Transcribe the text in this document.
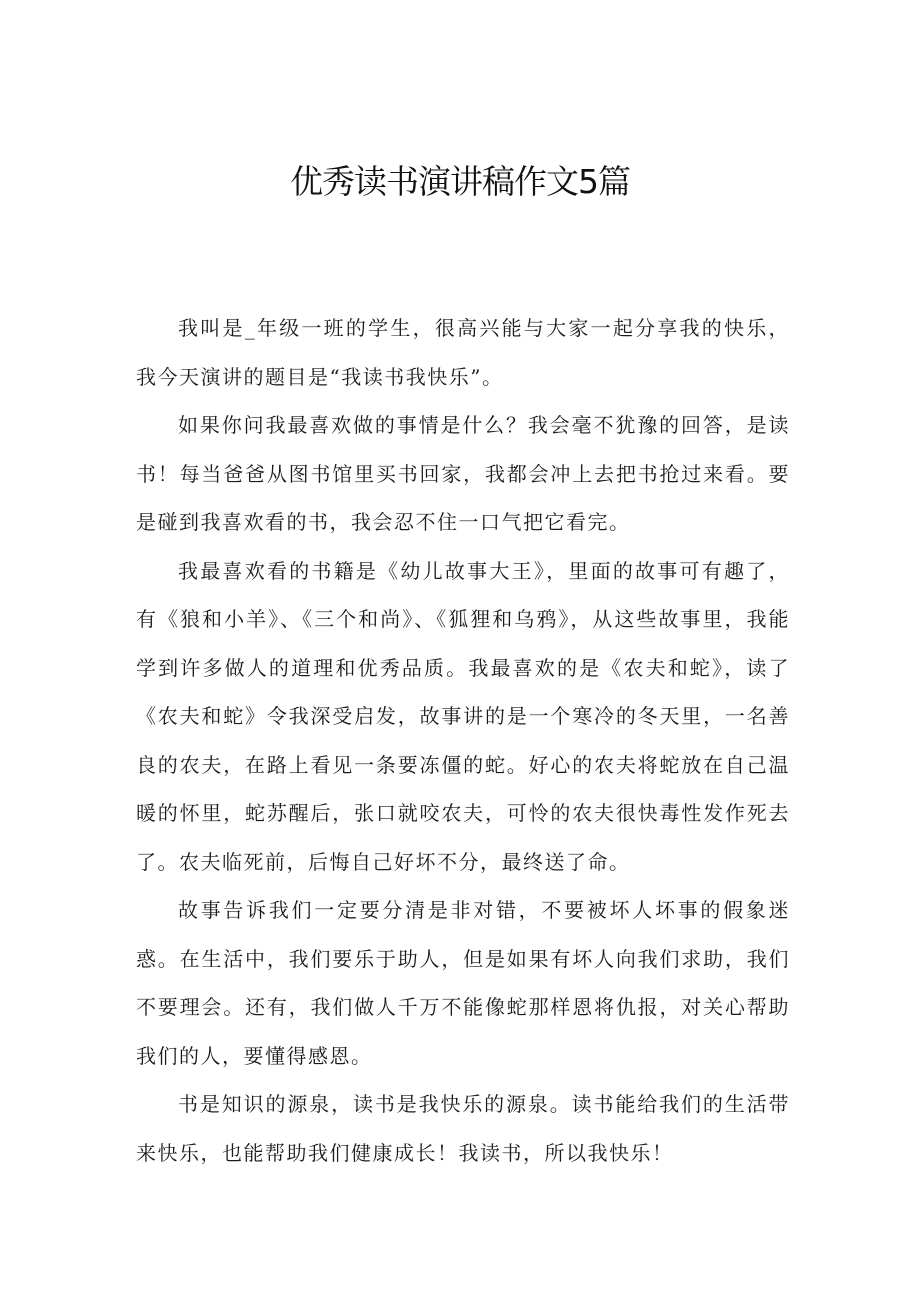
优秀读书演讲稿作文5篇

我叫是_年级一班的学生，很高兴能与大家一起分享我的快乐，我今天演讲的题目是“我读书我快乐”。

如果你问我最喜欢做的事情是什么？我会毫不犹豫的回答，是读书！每当爸爸从图书馆里买书回家，我都会冲上去把书抢过来看。要是碰到我喜欢看的书，我会忍不住一口气把它看完。

我最喜欢看的书籍是《幼儿故事大王》，里面的故事可有趣了，有《狼和小羊》、《三个和尚》、《狐狸和乌鸦》，从这些故事里，我能学到许多做人的道理和优秀品质。我最喜欢的是《农夫和蛇》，读了《农夫和蛇》令我深受启发，故事讲的是一个寒冷的冬天里，一名善良的农夫，在路上看见一条要冻僵的蛇。好心的农夫将蛇放在自己温暖的怀里，蛇苏醒后，张口就咬农夫，可怜的农夫很快毒性发作死去了。农夫临死前，后悔自己好坏不分，最终送了命。

故事告诉我们一定要分清是非对错，不要被坏人坏事的假象迷惑。在生活中，我们要乐于助人，但是如果有坏人向我们求助，我们不要理会。还有，我们做人千万不能像蛇那样恩将仇报，对关心帮助我们的人，要懂得感恩。

书是知识的源泉，读书是我快乐的源泉。读书能给我们的生活带来快乐，也能帮助我们健康成长！我读书，所以我快乐！
